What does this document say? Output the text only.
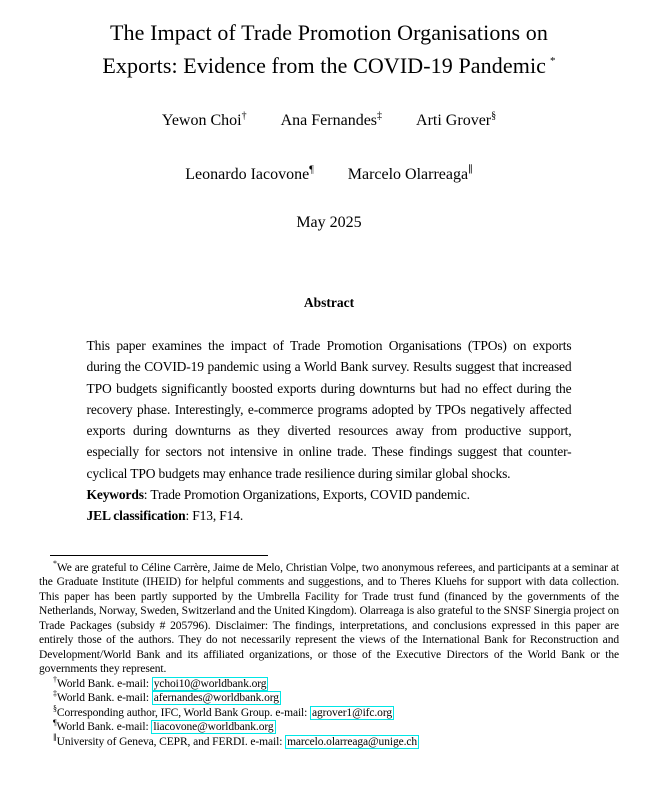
The Impact of Trade Promotion Organisations on
Exports: Evidence from the COVID-19 Pandemic *
Yewon Choi† Ana Fernandes‡ Arti Grover§
Leonardo Iacovone¶ Marcelo Olarreaga∥
May 2025
Abstract

This paper examines the impact of Trade Promotion Organisations (TPOs) on exports during the COVID-19 pandemic using a World Bank survey. Results suggest that increased TPO budgets significantly boosted exports during downturns but had no effect during the recovery phase. Interestingly, e-commerce programs adopted by TPOs negatively affected exports during downturns as they diverted resources away from productive support, especially for sectors not intensive in online trade. These findings suggest that counter-cyclical TPO budgets may enhance trade resilience during similar global shocks.

Keywords: Trade Promotion Organizations, Exports, COVID pandemic.
JEL classification: F13, F14.

*We are grateful to Céline Carrère, Jaime de Melo, Christian Volpe, two anonymous referees, and participants at a seminar at the Graduate Institute (IHEID) for helpful comments and suggestions, and to Theres Kluehs for support with data collection. This paper has been partly supported by the Umbrella Facility for Trade trust fund (financed by the governments of the Netherlands, Norway, Sweden, Switzerland and the United Kingdom). Olarreaga is also grateful to the SNSF Sinergia project on Trade Packages (subsidy # 205796). Disclaimer: The findings, interpretations, and conclusions expressed in this paper are entirely those of the authors. They do not necessarily represent the views of the International Bank for Reconstruction and Development/World Bank and its affiliated organizations, or those of the Executive Directors of the World Bank or the governments they represent.

†World Bank. e-mail: ychoi10@worldbank.org

‡World Bank. e-mail: afernandes@worldbank.org

§Corresponding author, IFC, World Bank Group. e-mail: agrover1@ifc.org

¶World Bank. e-mail: liacovone@worldbank.org

∥University of Geneva, CEPR, and FERDI. e-mail: marcelo.olarreaga@unige.ch
